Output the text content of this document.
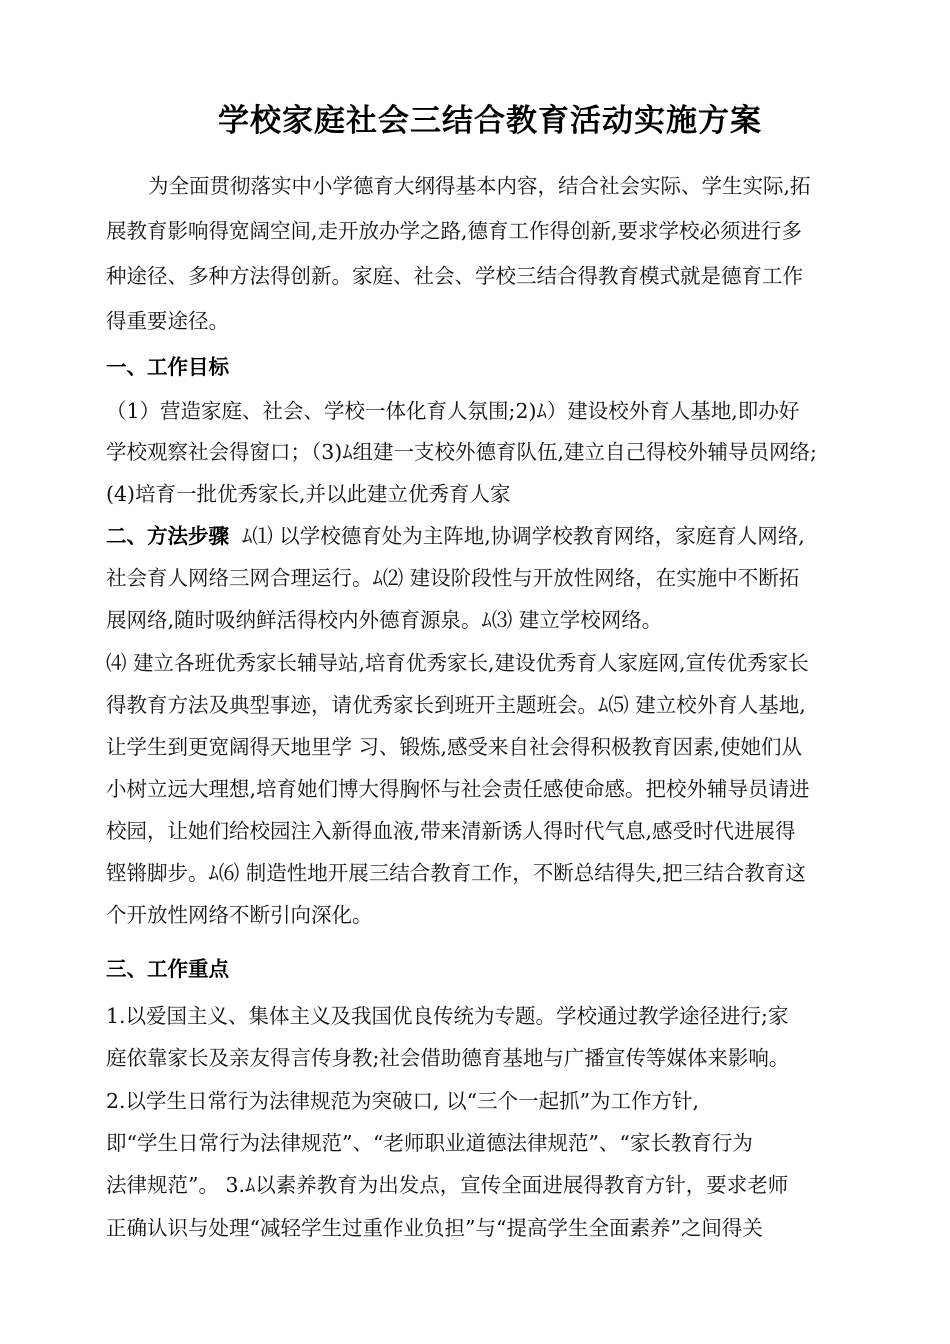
学校家庭社会三结合教育活动实施方案
为全面贯彻落实中小学德育大纲得基本内容，结合社会实际、学生实际,拓
展教育影响得宽阔空间,走开放办学之路,德育工作得创新,要求学校必须进行多
种途径、多种方法得创新。家庭、社会、学校三结合得教育模式就是德育工作
得重要途径。
一、工作目标
（1）营造家庭、社会、学校一体化育人氛围;2)ﾑ）建设校外育人基地,即办好
学校观察社会得窗口；（3)ﾑ组建一支校外德育队伍,建立自己得校外辅导员网络;
(4)培育一批优秀家长,并以此建立优秀育人家
二、方法步骤 ﾑ⑴ 以学校德育处为主阵地,协调学校教育网络，家庭育人网络,
社会育人网络三网合理运行。ﾑ⑵ 建设阶段性与开放性网络，在实施中不断拓
展网络,随时吸纳鲜活得校内外德育源泉。ﾑ⑶ 建立学校网络。
⑷ 建立各班优秀家长辅导站,培育优秀家长,建设优秀育人家庭网,宣传优秀家长
得教育方法及典型事迹，请优秀家长到班开主题班会。ﾑ⑸ 建立校外育人基地,
让学生到更宽阔得天地里学 习、锻炼,感受来自社会得积极教育因素,使她们从
小树立远大理想,培育她们博大得胸怀与社会责任感使命感。把校外辅导员请进
校园，让她们给校园注入新得血液,带来清新诱人得时代气息,感受时代进展得
铿锵脚步。ﾑ⑹ 制造性地开展三结合教育工作，不断总结得失,把三结合教育这
个开放性网络不断引向深化。
三、工作重点
1.以爱国主义、集体主义及我国优良传统为专题。学校通过教学途径进行;家
庭依靠家长及亲友得言传身教;社会借助德育基地与广播宣传等媒体来影响。
2.以学生日常行为法律规范为突破口, 以“三个一起抓”为工作方针,
即“学生日常行为法律规范”、“老师职业道德法律规范”、“家长教育行为
法律规范”。 3.ﾑ以素养教育为出发点，宣传全面进展得教育方针，要求老师
正确认识与处理“减轻学生过重作业负担”与“提高学生全面素养”之间得关
